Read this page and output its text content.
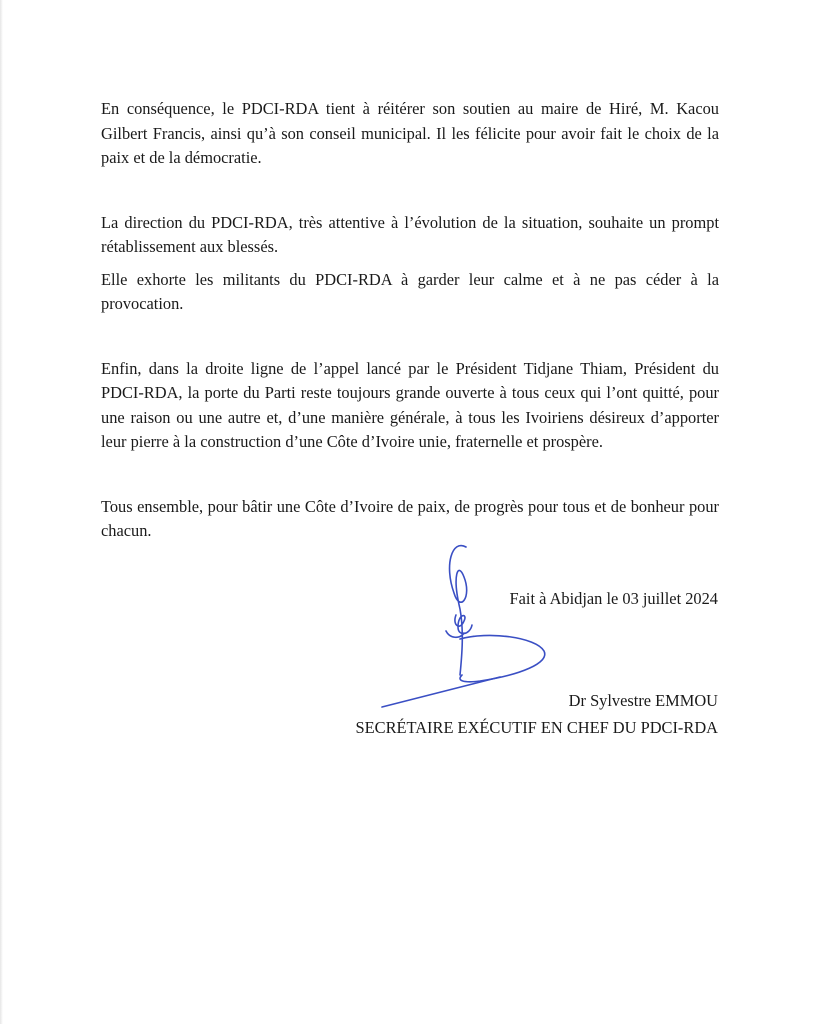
En conséquence, le PDCI-RDA tient à réitérer son soutien au maire de Hiré, M. Kacou Gilbert Francis, ainsi qu’à son conseil municipal. Il les félicite pour avoir fait le choix de la paix et de la démocratie.

La direction du PDCI-RDA, très attentive à l’évolution de la situation, souhaite un prompt rétablissement aux blessés.

Elle exhorte les militants du PDCI-RDA à garder leur calme et à ne pas céder à la provocation.

Enfin, dans la droite ligne de l’appel lancé par le Président Tidjane Thiam, Président du PDCI-RDA, la porte du Parti reste toujours grande ouverte à tous ceux qui l’ont quitté, pour une raison ou une autre et, d’une manière générale, à tous les Ivoiriens désireux d’apporter leur pierre à la construction d’une Côte d’Ivoire unie, fraternelle et prospère.

Tous ensemble, pour bâtir une Côte d’Ivoire de paix, de progrès pour tous et de bonheur pour chacun.

Fait à Abidjan le 03 juillet 2024
Dr Sylvestre EMMOU
SECRÉTAIRE EXÉCUTIF EN CHEF DU PDCI-RDA
